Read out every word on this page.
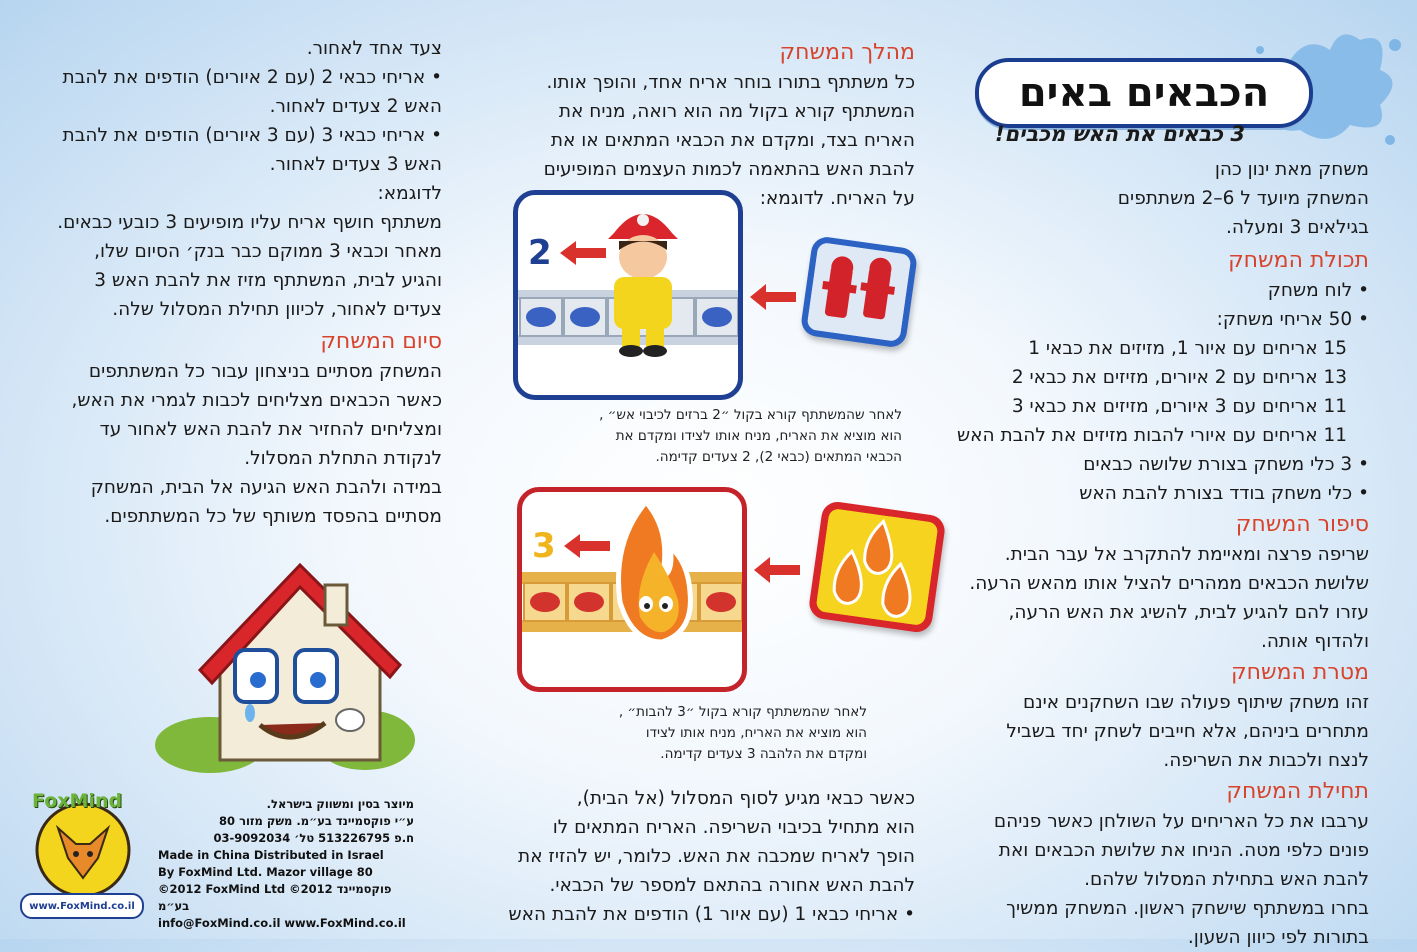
הכבאים באים
3 כבאים את האש מכבים!

משחק מאת ינון כהן

המשחק מיועד ל 6–2 משתתפים

בגילאים 3 ומעלה.

תכולת המשחק

• לוח משחק

• 50 אריחי משחק:

15 אריחים עם איור 1, מזיזים את כבאי 1

13 אריחים עם 2 איורים, מזיזים את כבאי 2

11 אריחים עם 3 איורים, מזיזים את כבאי 3

11 אריחים עם איורי להבות מזיזים את להבת האש

• 3 כלי משחק בצורת שלושה כבאים

• כלי משחק בודד בצורת להבת האש

סיפור המשחק

שריפה פרצה ומאיימת להתקרב אל עבר הבית.

שלושת הכבאים ממהרים להציל אותו מהאש הרעה.

עזרו להם להגיע לבית, להשיג את האש הרעה,

ולהדוף אותה.

מטרת המשחק

זהו משחק שיתוף פעולה שבו השחקנים אינם

מתחרים ביניהם, אלא חייבים לשחק יחד בשביל

לנצח ולכבות את השריפה.

תחילת המשחק

ערבבו את כל האריחים על השולחן כאשר פניהם

פונים כלפי מטה. הניחו את שלושת הכבאים ואת

להבת האש בתחילת המסלול שלהם.

בחרו במשתתף שישחק ראשון. המשחק ממשיך

בתורות לפי כיוון השעון.

מהלך המשחק

כל משתתף בתורו בוחר אריח אחד, והופך אותו.

המשתתף קורא בקול מה הוא רואה, מניח את

האריח בצד, ומקדם את הכבאי המתאים או את

להבת האש בהתאמה לכמות העצמים המופיעים

על האריח. לדוגמא:

2
לאחר שהמשתתף קורא בקול ״2 ברזים לכיבוי אש״ ,
הוא מוציא את האריח, מניח אותו לצידו ומקדם את
הכבאי המתאים (כבאי 2), 2 צעדים קדימה.
3
לאחר שהמשתתף קורא בקול ״3 להבות״ ,
הוא מוציא את האריח, מניח אותו לצידו
ומקדם את הלהבה 3 צעדים קדימה.

כאשר כבאי מגיע לסוף המסלול (אל הבית),

הוא מתחיל בכיבוי השריפה. האריח המתאים לו

הופך לאריח שמכבה את האש. כלומר, יש להזיז את

להבת האש אחורה בהתאם למספר של הכבאי.

• אריחי כבאי 1 (עם איור 1) הודפים את להבת האש

צעד אחד לאחור.

• אריחי כבאי 2 (עם 2 איורים) הודפים את להבת

האש 2 צעדים לאחור.

• אריחי כבאי 3 (עם 3 איורים) הודפים את להבת

האש 3 צעדים לאחור.

לדוגמא:

משתתף חושף אריח עליו מופיעים 3 כובעי כבאים.

מאחר וכבאי 3 ממוקם כבר בנק׳ הסיום שלו,

והגיע לבית, המשתתף מזיז את להבת האש 3

צעדים לאחור, לכיוון תחילת המסלול שלה.

סיום המשחק

המשחק מסתיים בניצחון עבור כל המשתתפים

כאשר הכבאים מצליחים לכבות לגמרי את האש,

ומצליחים להחזיר את להבת האש לאחור עד

לנקודת התחלת המסלול.

במידה ולהבת האש הגיעה אל הבית, המשחק

מסתיים בהפסד משותף של כל המשתתפים.

FoxMind
www.FoxMind.co.il
מיוצר בסין ומשווק בישראל.
ע״י פוקסמיינד בע״מ. משק מזור 80
ח.פ 513226795 טל׳ 03-9092034
Made in China Distributed in Israel
By FoxMind Ltd. Mazor village 80
©2012 FoxMind Ltd ©2012 פוקסמיינד בע״מ
info@FoxMind.co.il www.FoxMind.co.il
